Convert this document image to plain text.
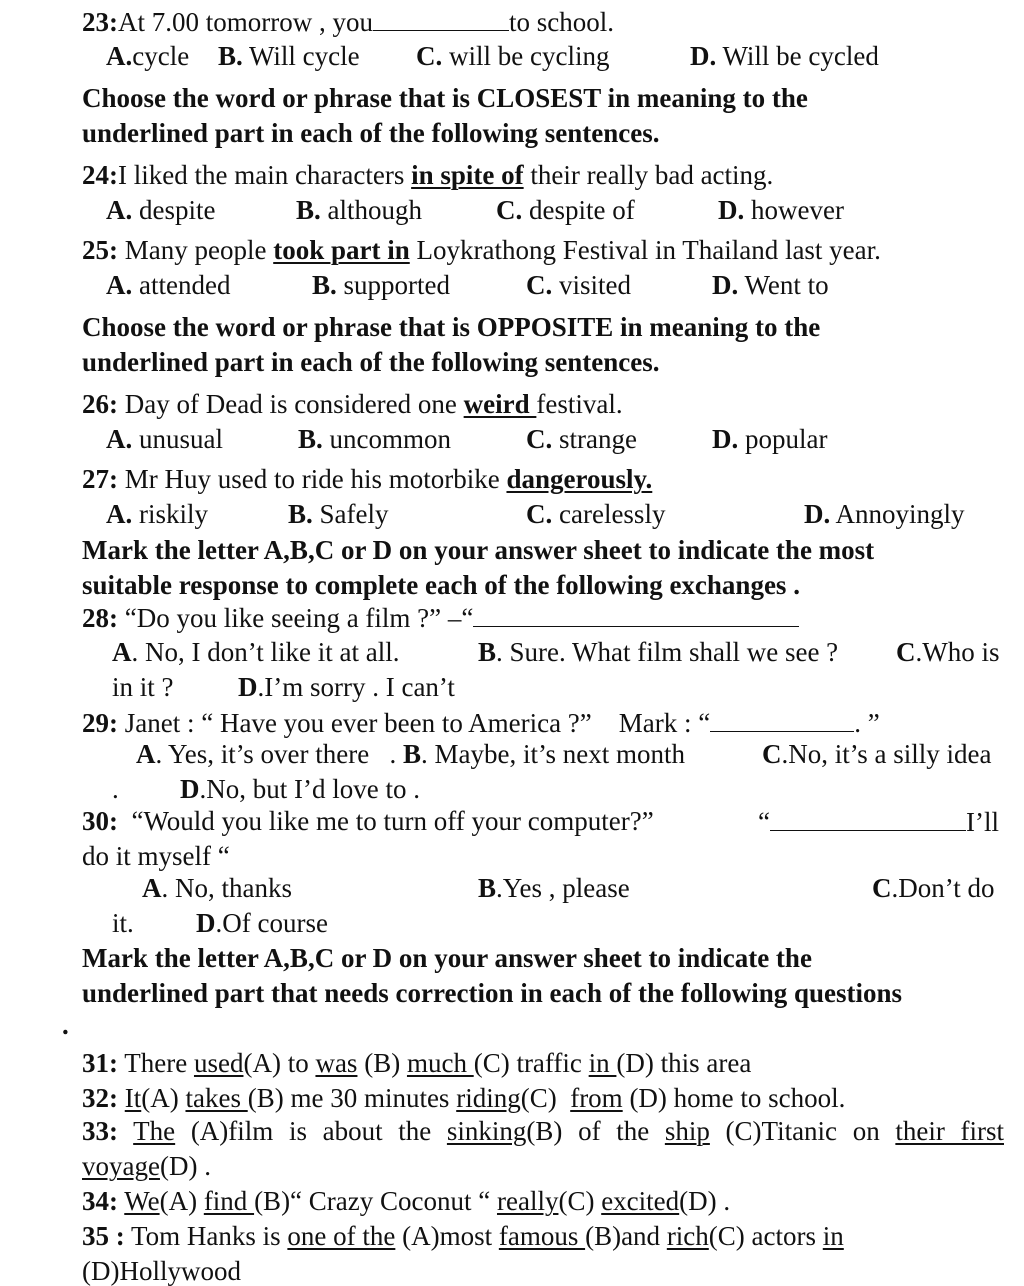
23:At 7.00 tomorrow , you	to school.
A.cycle B. Will cycle C. will be cycling	D. Will be cycled
Choose the word or phrase that is CLOSEST in meaning to the
underlined part in each of the following sentences.
24:I liked the main characters in spite of their really bad acting.
A. despite	B. although	C. despite of	D. however
25: Many people took part in Loykrathong Festival in Thailand last year.
A. attended	B. supported	C. visited	D. Went to
Choose the word or phrase that is OPPOSITE in meaning to the
underlined part in each of the following sentences.
26: Day of Dead is considered one weird festival.
A. unusual	B. uncommon	C. strange	D. popular
27: Mr Huy used to ride his motorbike dangerously.
A. riskily	B. Safely	C. carelessly	D. Annoyingly
Mark the letter A,B,C or D on your answer sheet to indicate the most
suitable response to complete each of the following exchanges .
28: “Do you like seeing a film ?” –“
A. No, I don’t like it at all.	B. Sure. What film shall we see ? C.Who is
in it ? D.I’m sorry . I can’t
29: Janet : “ Have you ever been to America ?”    Mark : “	. ”
A. Yes, it’s over there   . B. Maybe, it’s next month	C.No, it’s a silly idea
. D.No, but I’d love to .
30:  “Would you like me to turn off your computer?”	“	I’ll
do it myself “
A. No, thanks	B.Yes , please	C.Don’t do
it. D.Of course
Mark the letter A,B,C or D on your answer sheet to indicate the
underlined part that needs correction in each of the following questions
.
31: There used(A) to was (B) much (C) traffic in (D) this area
32: It(A) takes (B) me 30 minutes riding(C)  from (D) home to school.
33: The (A)film is about the sinking(B) of the ship (C)Titanic on their first
voyage(D) .
34: We(A) find (B)“ Crazy Coconut “ really(C) excited(D) .
35 : Tom Hanks is one of the (A)most famous (B)and rich(C) actors in
(D)Hollywood
